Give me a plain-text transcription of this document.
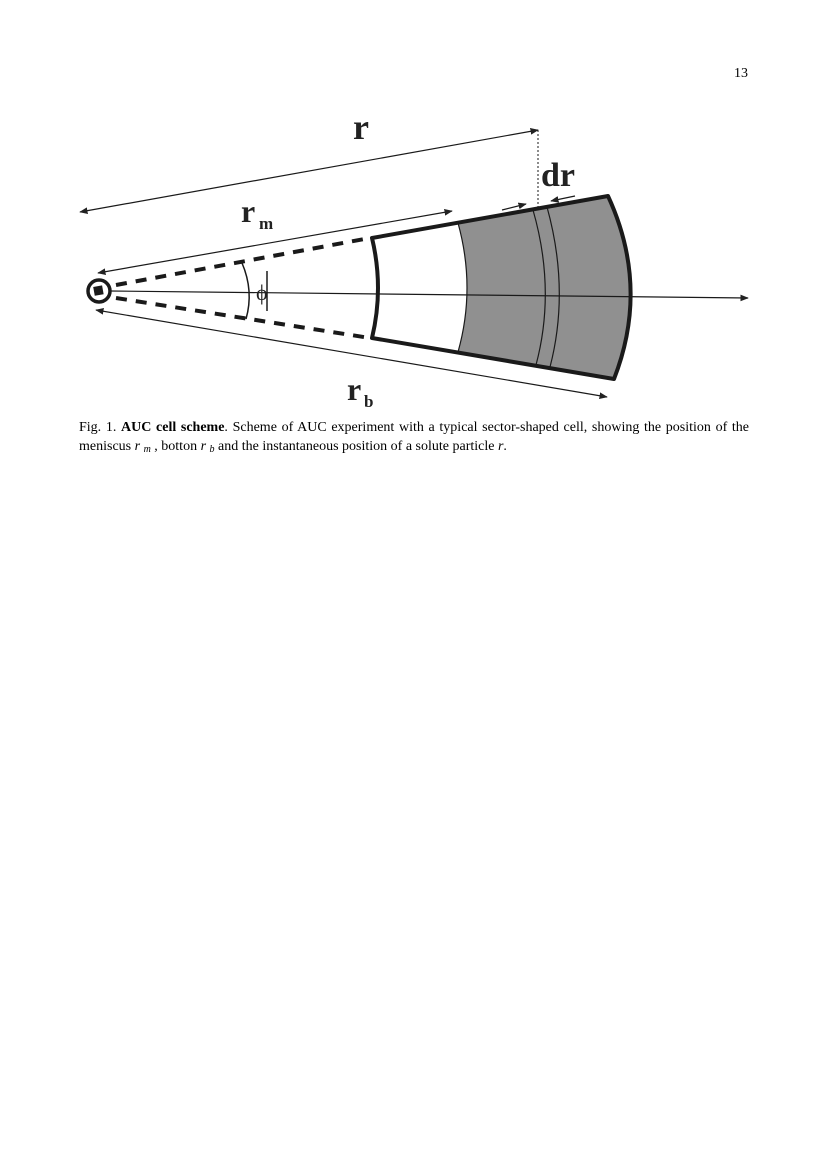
13
r
dr
r m
r b
ϕ
Fig. 1. AUC cell scheme. Scheme of AUC experiment with a typical sector-shaped cell, showing the position of the meniscus r $_m$ , botton r $_b$ and the instantaneous position of a solute particle r.
